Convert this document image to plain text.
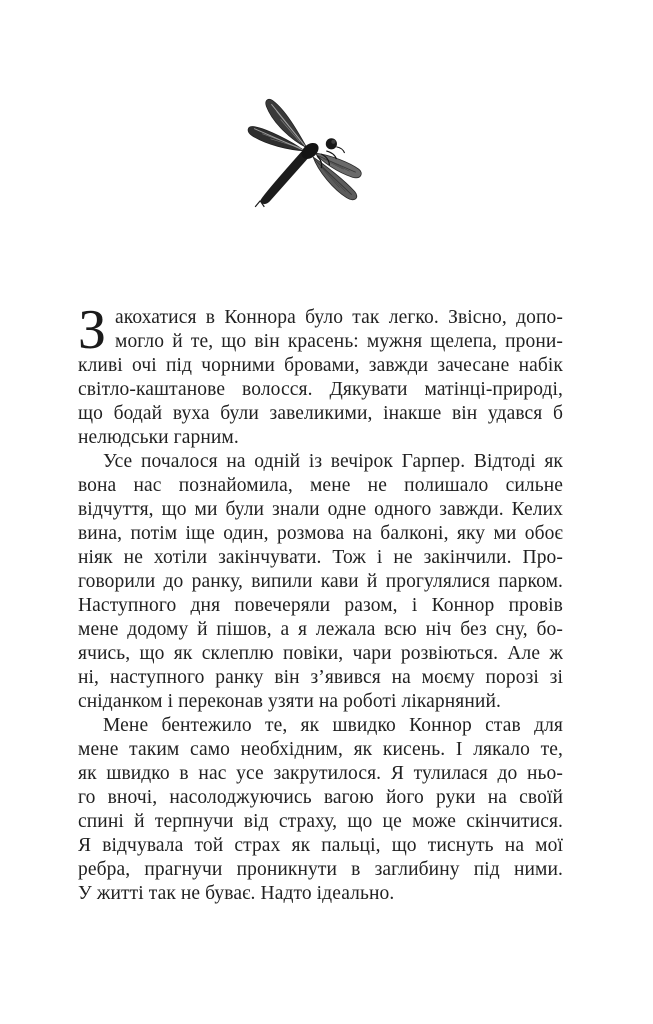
З акохатися в Коннора було так легко. Звісно, допо-
могло й те, що він красень: мужня щелепа, прони-
кливі очі під чорними бровами, завжди зачесане набік
світло-каштанове волосся. Дякувати матінці-природі,
що бодай вуха були завеликими, інакше він удався б
нелюдськи гарним.

Усе почалося на одній із вечірок Гарпер. Відтоді як
вона нас познайомила, мене не полишало сильне
відчуття, що ми були знали одне одного завжди. Келих
вина, потім іще один, розмова на балконі, яку ми обоє
ніяк не хотіли закінчувати. Тож і не закінчили. Про-
говорили до ранку, випили кави й прогулялися парком.
Наступного дня повечеряли разом, і Коннор провів
мене додому й пішов, а я лежала всю ніч без сну, бо-
ячись, що як склеплю повіки, чари розвіються. Але ж
ні, наступного ранку він з’явився на моєму порозі зі
сніданком і переконав узяти на роботі лікарняний.

Мене бентежило те, як швидко Коннор став для
мене таким само необхідним, як кисень. І лякало те,
як швидко в нас усе закрутилося. Я тулилася до ньо-
го вночі, насолоджуючись вагою його руки на своїй
спині й терпнучи від страху, що це може скінчитися.
Я відчувала той страх як пальці, що тиснуть на мої
ребра, прагнучи проникнути в заглибину під ними.
У житті так не буває. Надто ідеально.
